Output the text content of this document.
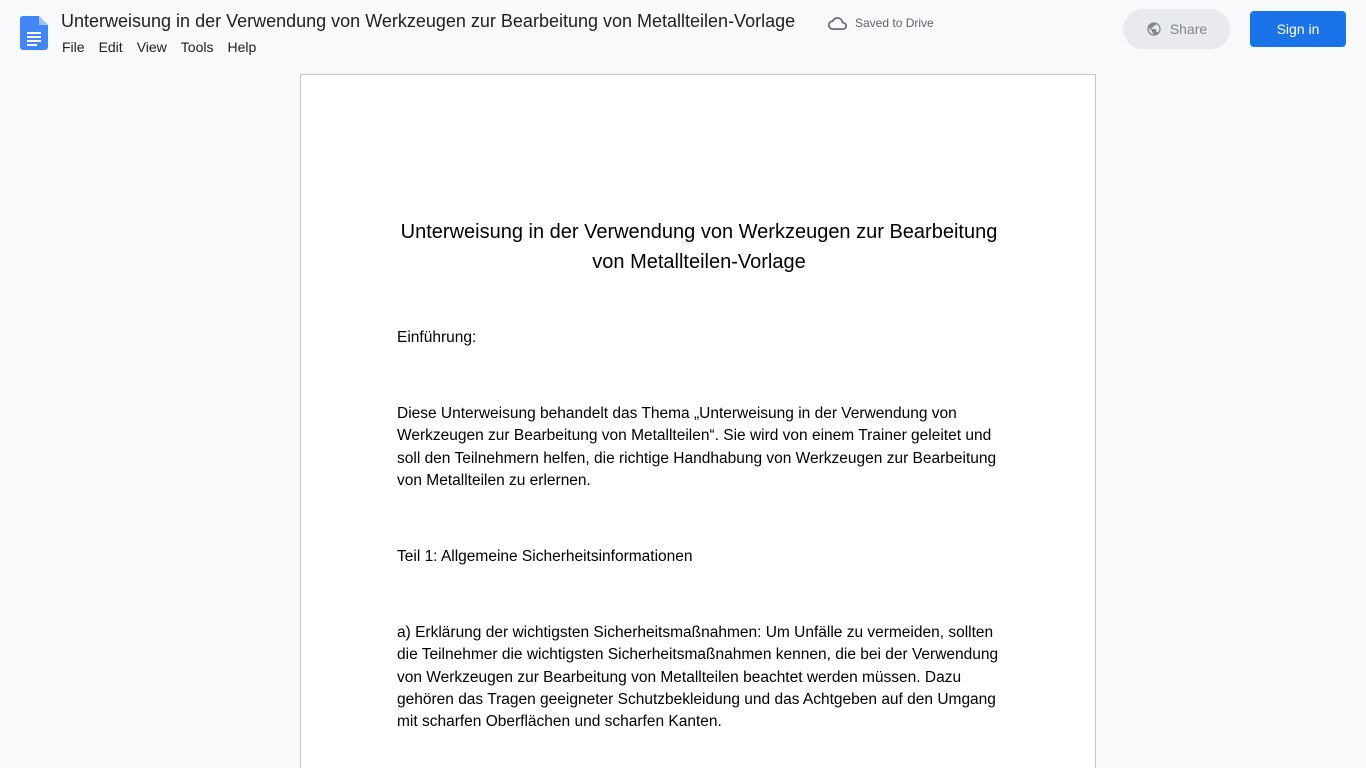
Unterweisung in der Verwendung von Werkzeugen zur Bearbeitung von Metallteilen-Vorlage	Saved to Drive
File	Edit	View	Tools	Help
Share	Sign in
Unterweisung in der Verwendung von Werkzeugen zur Bearbeitung von Metallteilen-Vorlage

Einführung:

Diese Unterweisung behandelt das Thema „Unterweisung in der Verwendung von Werkzeugen zur Bearbeitung von Metallteilen“. Sie wird von einem Trainer geleitet und soll den Teilnehmern helfen, die richtige Handhabung von Werkzeugen zur Bearbeitung von Metallteilen zu erlernen.

Teil 1: Allgemeine Sicherheitsinformationen

a) Erklärung der wichtigsten Sicherheitsmaßnahmen: Um Unfälle zu vermeiden, sollten die Teilnehmer die wichtigsten Sicherheitsmaßnahmen kennen, die bei der Verwendung von Werkzeugen zur Bearbeitung von Metallteilen beachtet werden müssen. Dazu gehören das Tragen geeigneter Schutzbekleidung und das Achtgeben auf den Umgang mit scharfen Oberflächen und scharfen Kanten.
